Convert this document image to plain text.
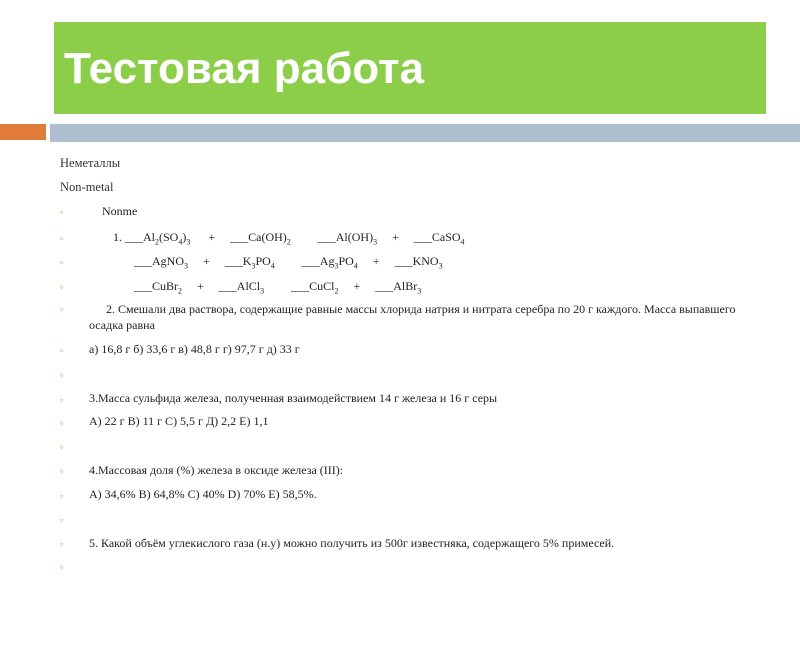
Тестовая работа
Неметаллы
Non-metal
▫
▫
▫
▫
▫
▫
▫
▫
▫
▫
▫
▫
▫
▫
▫
Nonme
1. $\_\_\_Al_2(SO_4)_3$      +     $\_\_\_Ca(OH)_2$         $\_\_\_Al(OH)_3$     +     ___CaSO$_4$
___AgNO$_3$     +     $\_\_\_K_3PO_4$         $\_\_\_Ag_3PO_4$     +     $\_\_\_KNO_3$
___CuBr$_2$     +     ___AlCl$_3$         ___CuCl$_2$     +     ___AlBr$_3$
2. Смешали два раствора, содержащие равные массы хлорида натрия и нитрата серебра по 20 г каждого. Масса выпавшего осадка равна
а) 16,8 г б) 33,6 г в) 48,8 г г) 97,7 г д) 33 г
3.Масса сульфида железа, полученная взаимодействием 14 г железа и 16 г серы
А) 22 г В) 11 г С) 5,5 г Д) 2,2 Е) 1,1
4.Массовая доля (%) железа в оксиде железа (III):
А) 34,6% В) 64,8% С) 40% D) 70% Е) 58,5%.
5. Какой объём углекислого газа (н.у) можно получить из 500г известняка, содержащего 5% примесей.
